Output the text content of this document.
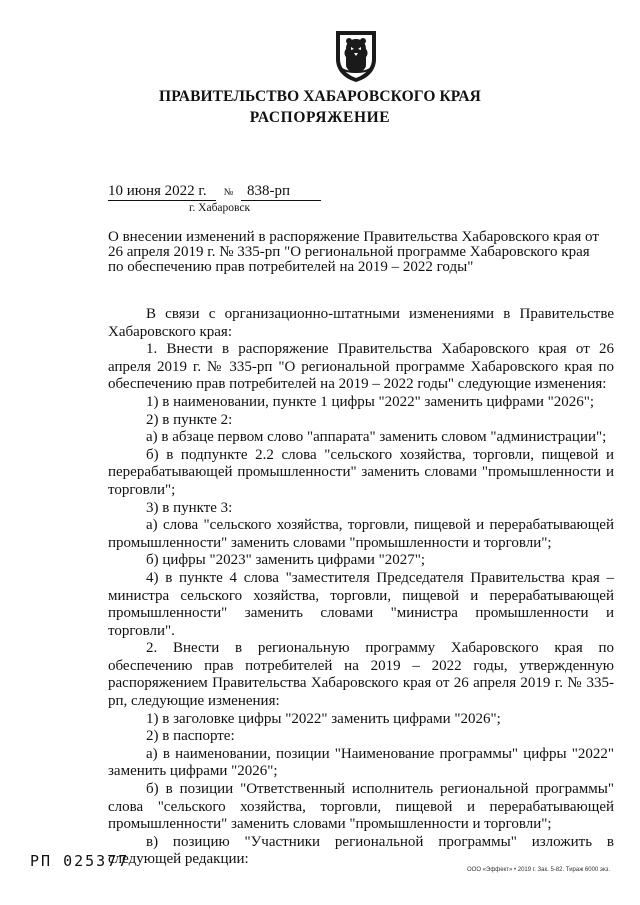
ПРАВИТЕЛЬСТВО ХАБАРОВСКОГО КРАЯ
РАСПОРЯЖЕНИЕ
10 июня 2022 г. № 838-рп
г. Хабаровск
О внесении изменений в распоряжение Правительства Хабаровского края от
26 апреля 2019 г. № 335-рп "О региональной программе Хабаровского края
по обеспечению прав потребителей на 2019 – 2022 годы"

В связи с организационно-штатными изменениями в Правительстве Хабаровского края:

1. Внести в распоряжение Правительства Хабаровского края от 26 апреля 2019 г. № 335-рп "О региональной программе Хабаровского края по обеспечению прав потребителей на 2019 – 2022 годы" следующие изменения:

1) в наименовании, пункте 1 цифры "2022" заменить цифрами "2026";

2) в пункте 2:

а) в абзаце первом слово "аппарата" заменить словом "администрации";

б) в подпункте 2.2 слова "сельского хозяйства, торговли, пищевой и перерабатывающей промышленности" заменить словами "промышленности и торговли";

3) в пункте 3:

а) слова "сельского хозяйства, торговли, пищевой и перерабатывающей промышленности" заменить словами "промышленности и торговли";

б) цифры "2023" заменить цифрами "2027";

4) в пункте 4 слова "заместителя Председателя Правительства края – министра сельского хозяйства, торговли, пищевой и перерабатывающей промышленности" заменить словами "министра промышленности и торговли".

2. Внести в региональную программу Хабаровского края по обеспечению прав потребителей на 2019 – 2022 годы, утвержденную распоряжением Правительства Хабаровского края от 26 апреля 2019 г. № 335-рп, следующие изменения:

1) в заголовке цифры "2022" заменить цифрами "2026";

2) в паспорте:

а) в наименовании, позиции "Наименование программы" цифры "2022" заменить цифрами "2026";

б) в позиции "Ответственный исполнитель региональной программы" слова "сельского хозяйства, торговли, пищевой и перерабатывающей промышленности" заменить словами "промышленности и торговли";

в) позицию "Участники региональной программы" изложить в следующей редакции:

РП 025377	ООО «Эффект» • 2019 г. Зак. 5-82. Тираж 6000 экз.
